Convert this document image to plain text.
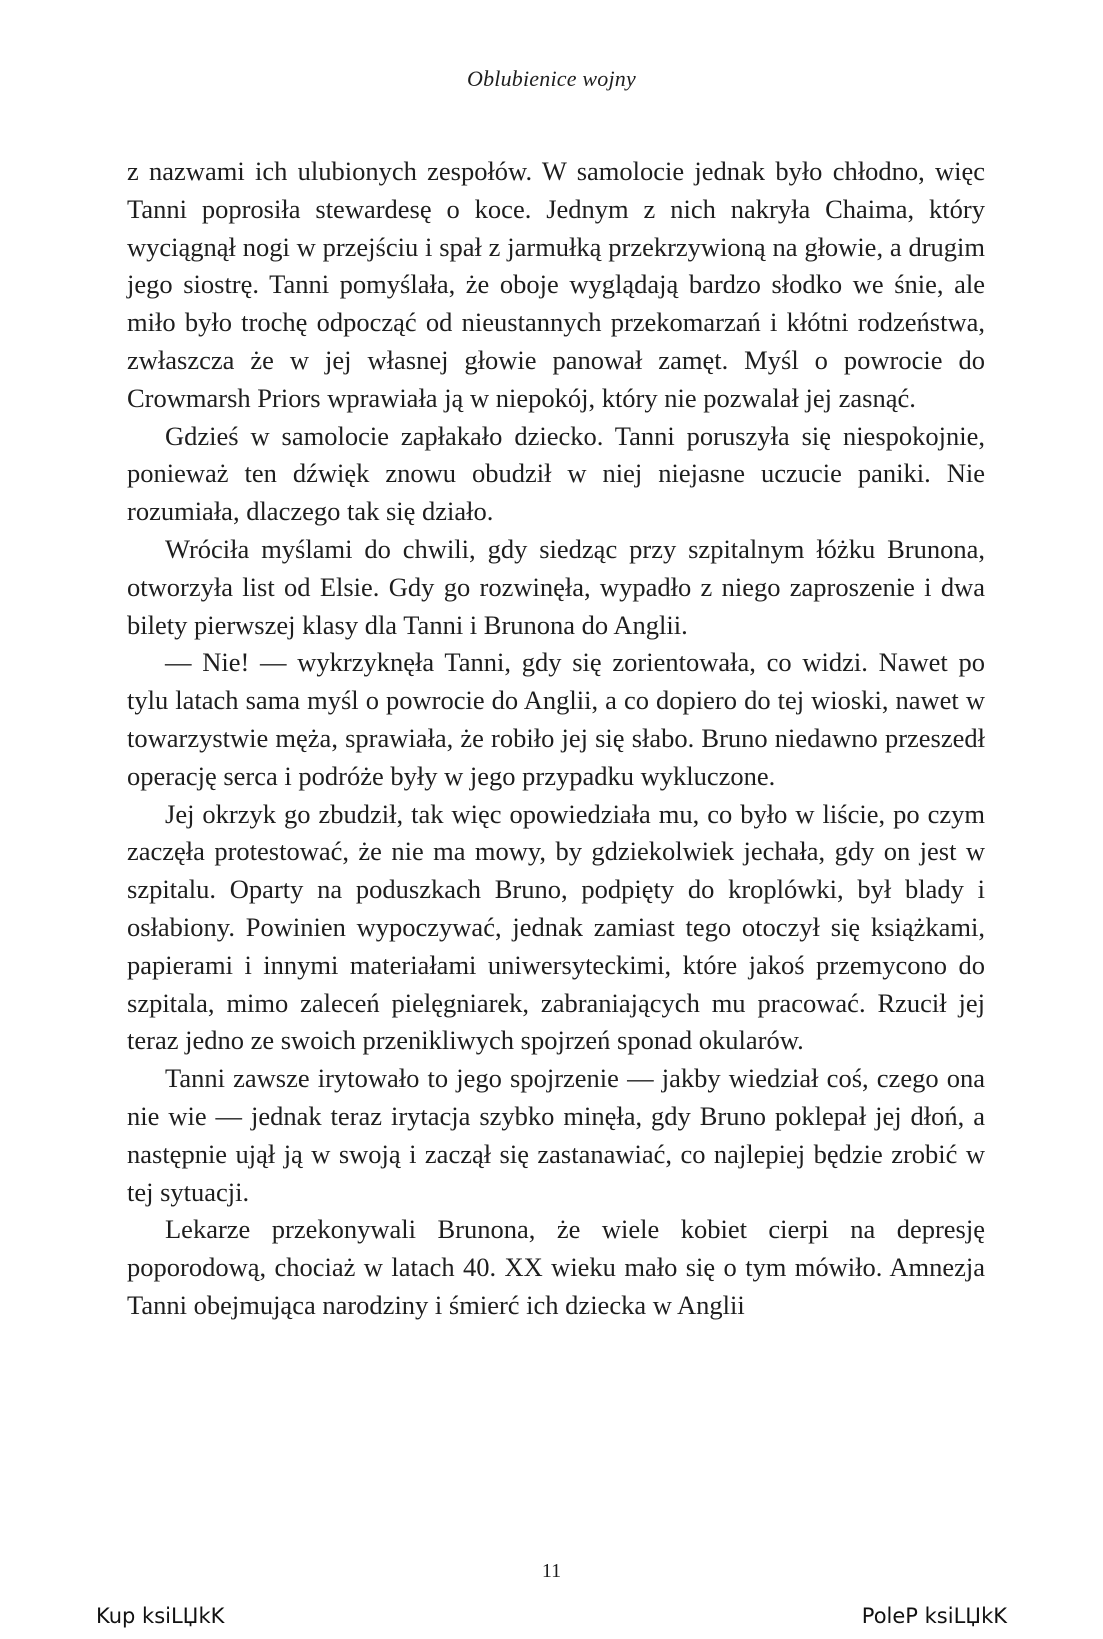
Oblubienice wojny

z nazwami ich ulubionych zespołów. W samolocie jednak było chłodno, więc Tanni poprosiła stewardesę o koce. Jednym z nich nakryła Chaima, który wyciągnął nogi w przejściu i spał z jarmułką przekrzywioną na głowie, a drugim jego siostrę. Tanni pomyślała, że oboje wyglądają bardzo słodko we śnie, ale miło było trochę odpocząć od nieustannych przekomarzań i kłótni rodzeństwa, zwłaszcza że w jej własnej głowie panował zamęt. Myśl o powrocie do Crowmarsh Priors wprawiała ją w niepokój, który nie pozwalał jej zasnąć.

Gdzieś w samolocie zapłakało dziecko. Tanni poruszyła się niespokojnie, ponieważ ten dźwięk znowu obudził w niej niejasne uczucie paniki. Nie rozumiała, dlaczego tak się działo.

Wróciła myślami do chwili, gdy siedząc przy szpitalnym łóżku Brunona, otworzyła list od Elsie. Gdy go rozwinęła, wypadło z niego zaproszenie i dwa bilety pierwszej klasy dla Tanni i Brunona do Anglii.

— Nie! — wykrzyknęła Tanni, gdy się zorientowała, co widzi. Nawet po tylu latach sama myśl o powrocie do Anglii, a co dopiero do tej wioski, nawet w towarzystwie męża, sprawiała, że robiło jej się słabo. Bruno niedawno przeszedł operację serca i podróże były w jego przypadku wykluczone.

Jej okrzyk go zbudził, tak więc opowiedziała mu, co było w liście, po czym zaczęła protestować, że nie ma mowy, by gdziekolwiek jechała, gdy on jest w szpitalu. Oparty na poduszkach Bruno, podpięty do kroplówki, był blady i osłabiony. Powinien wypoczywać, jednak zamiast tego otoczył się książkami, papierami i innymi materiałami uniwersyteckimi, które jakoś przemycono do szpitala, mimo zaleceń pielęgniarek, zabraniających mu pracować. Rzucił jej teraz jedno ze swoich przenikliwych spojrzeń sponad okularów.

Tanni zawsze irytowało to jego spojrzenie — jakby wiedział coś, czego ona nie wie — jednak teraz irytacja szybko minęła, gdy Bruno poklepał jej dłoń, a następnie ujął ją w swoją i zaczął się zastanawiać, co najlepiej będzie zrobić w tej sytuacji.

Lekarze przekonywali Brunona, że wiele kobiet cierpi na depresję poporodową, chociaż w latach 40. XX wieku mało się o tym mówiło. Amnezja Tanni obejmująca narodziny i śmierć ich dziecka w Anglii

11
Kup ksiLЏkK	PoleP ksiLЏkK
